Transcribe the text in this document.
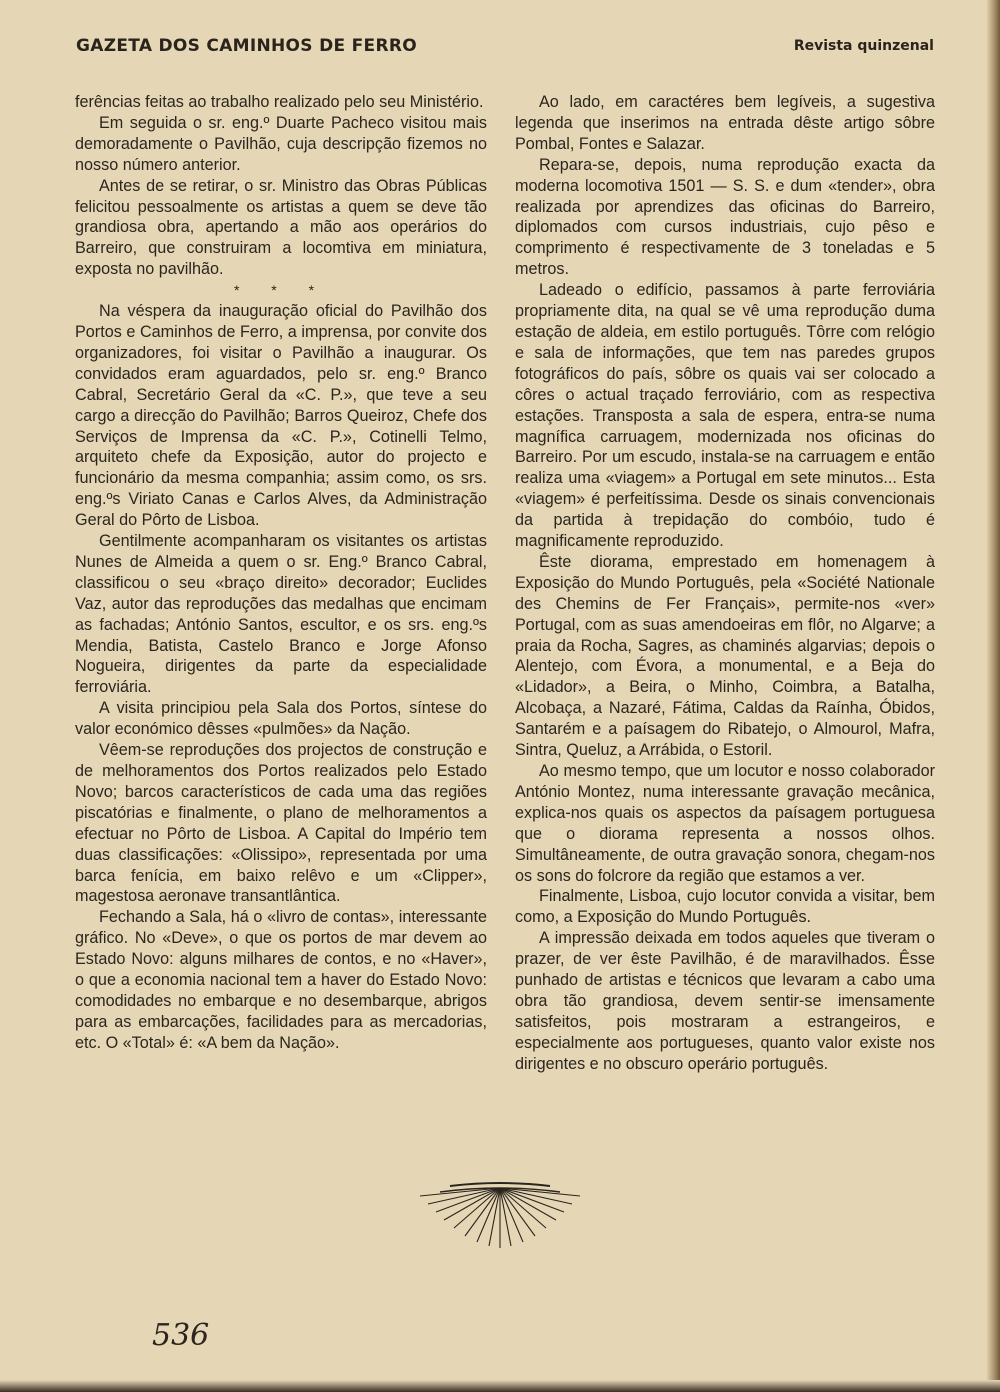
GAZETA DOS CAMINHOS DE FERRO	Revista quinzenal

ferências feitas ao trabalho realizado pelo seu Ministério.

Em seguida o sr. eng.º Duarte Pacheco visitou mais demoradamente o Pavilhão, cuja descripção fizemos no nosso número anterior.

Antes de se retirar, o sr. Ministro das Obras Públicas felicitou pessoalmente os artistas a quem se deve tão grandiosa obra, apertando a mão aos operários do Barreiro, que construiram a locomtiva em miniatura, exposta no pavilhão.

* * *

Na véspera da inauguração oficial do Pavilhão dos Portos e Caminhos de Ferro, a imprensa, por convite dos organizadores, foi visitar o Pavilhão a inaugurar. Os convidados eram aguardados, pelo sr. eng.º Branco Cabral, Secretário Geral da «C. P.», que teve a seu cargo a direcção do Pavilhão; Barros Queiroz, Chefe dos Serviços de Imprensa da «C. P.», Cotinelli Telmo, arquiteto chefe da Exposição, autor do projecto e funcionário da mesma companhia; assim como, os srs. eng.ºs Viriato Canas e Carlos Alves, da Administração Geral do Pôrto de Lisboa.

Gentilmente acompanharam os visitantes os artistas Nunes de Almeida a quem o sr. Eng.º Branco Cabral, classificou o seu «braço direito» decorador; Euclides Vaz, autor das reproduções das medalhas que encimam as fachadas; António Santos, escultor, e os srs. eng.ºs Mendia, Batista, Castelo Branco e Jorge Afonso Nogueira, dirigentes da parte da especialidade ferroviária.

A visita principiou pela Sala dos Portos, síntese do valor económico dêsses «pulmões» da Nação.

Vêem-se reproduções dos projectos de construção e de melhoramentos dos Portos realizados pelo Estado Novo; barcos característicos de cada uma das regiões piscatórias e finalmente, o plano de melhoramentos a efectuar no Pôrto de Lisboa. A Capital do Império tem duas classificações: «Olissipo», representada por uma barca fenícia, em baixo relêvo e um «Clipper», magestosa aeronave transantlântica.

Fechando a Sala, há o «livro de contas», interessante gráfico. No «Deve», o que os portos de mar devem ao Estado Novo: alguns milhares de contos, e no «Haver», o que a economia nacional tem a haver do Estado Novo: comodidades no embarque e no desembarque, abrigos para as embarcações, facilidades para as mercadorias, etc. O «Total» é: «A bem da Nação».

Ao lado, em caractéres bem legíveis, a sugestiva legenda que inserimos na entrada dêste artigo sôbre Pombal, Fontes e Salazar.

Repara-se, depois, numa reprodução exacta da moderna locomotiva 1501 — S. S. e dum «tender», obra realizada por aprendizes das oficinas do Barreiro, diplomados com cursos industriais, cujo pêso e comprimento é respectivamente de 3 toneladas e 5 metros.

Ladeado o edifício, passamos à parte ferroviária propriamente dita, na qual se vê uma reprodução duma estação de aldeia, em estilo português. Tôrre com relógio e sala de informações, que tem nas paredes grupos fotográficos do país, sôbre os quais vai ser colocado a côres o actual traçado ferroviário, com as respectiva estações. Transposta a sala de espera, entra-se numa magnífica carruagem, modernizada nos oficinas do Barreiro. Por um escudo, instala-se na carruagem e então realiza uma «viagem» a Portugal em sete minutos... Esta «viagem» é perfeitíssima. Desde os sinais convencionais da partida à trepidação do combóio, tudo é magnificamente reproduzido.

Êste diorama, emprestado em homenagem à Exposição do Mundo Português, pela «Société Nationale des Chemins de Fer Français», permite-nos «ver» Portugal, com as suas amendoeiras em flôr, no Algarve; a praia da Rocha, Sagres, as chaminés algarvias; depois o Alentejo, com Évora, a monumental, e a Beja do «Lidador», a Beira, o Minho, Coimbra, a Batalha, Alcobaça, a Nazaré, Fátima, Caldas da Raínha, Óbidos, Santarém e a paísagem do Ribatejo, o Almourol, Mafra, Sintra, Queluz, a Arrábida, o Estoril.

Ao mesmo tempo, que um locutor e nosso colaborador António Montez, numa interessante gravação mecânica, explica-nos quais os aspectos da paísagem portuguesa que o diorama representa a nossos olhos. Simultâneamente, de outra gravação sonora, chegam-nos os sons do folcrore da região que estamos a ver.

Finalmente, Lisboa, cujo locutor convida a visitar, bem como, a Exposição do Mundo Português.

A impressão deixada em todos aqueles que tiveram o prazer, de ver êste Pavilhão, é de maravilhados. Êsse punhado de artistas e técnicos que levaram a cabo uma obra tão grandiosa, devem sentir-se imensamente satisfeitos, pois mostraram a estrangeiros, e especialmente aos portugueses, quanto valor existe nos dirigentes e no obscuro operário português.

536
